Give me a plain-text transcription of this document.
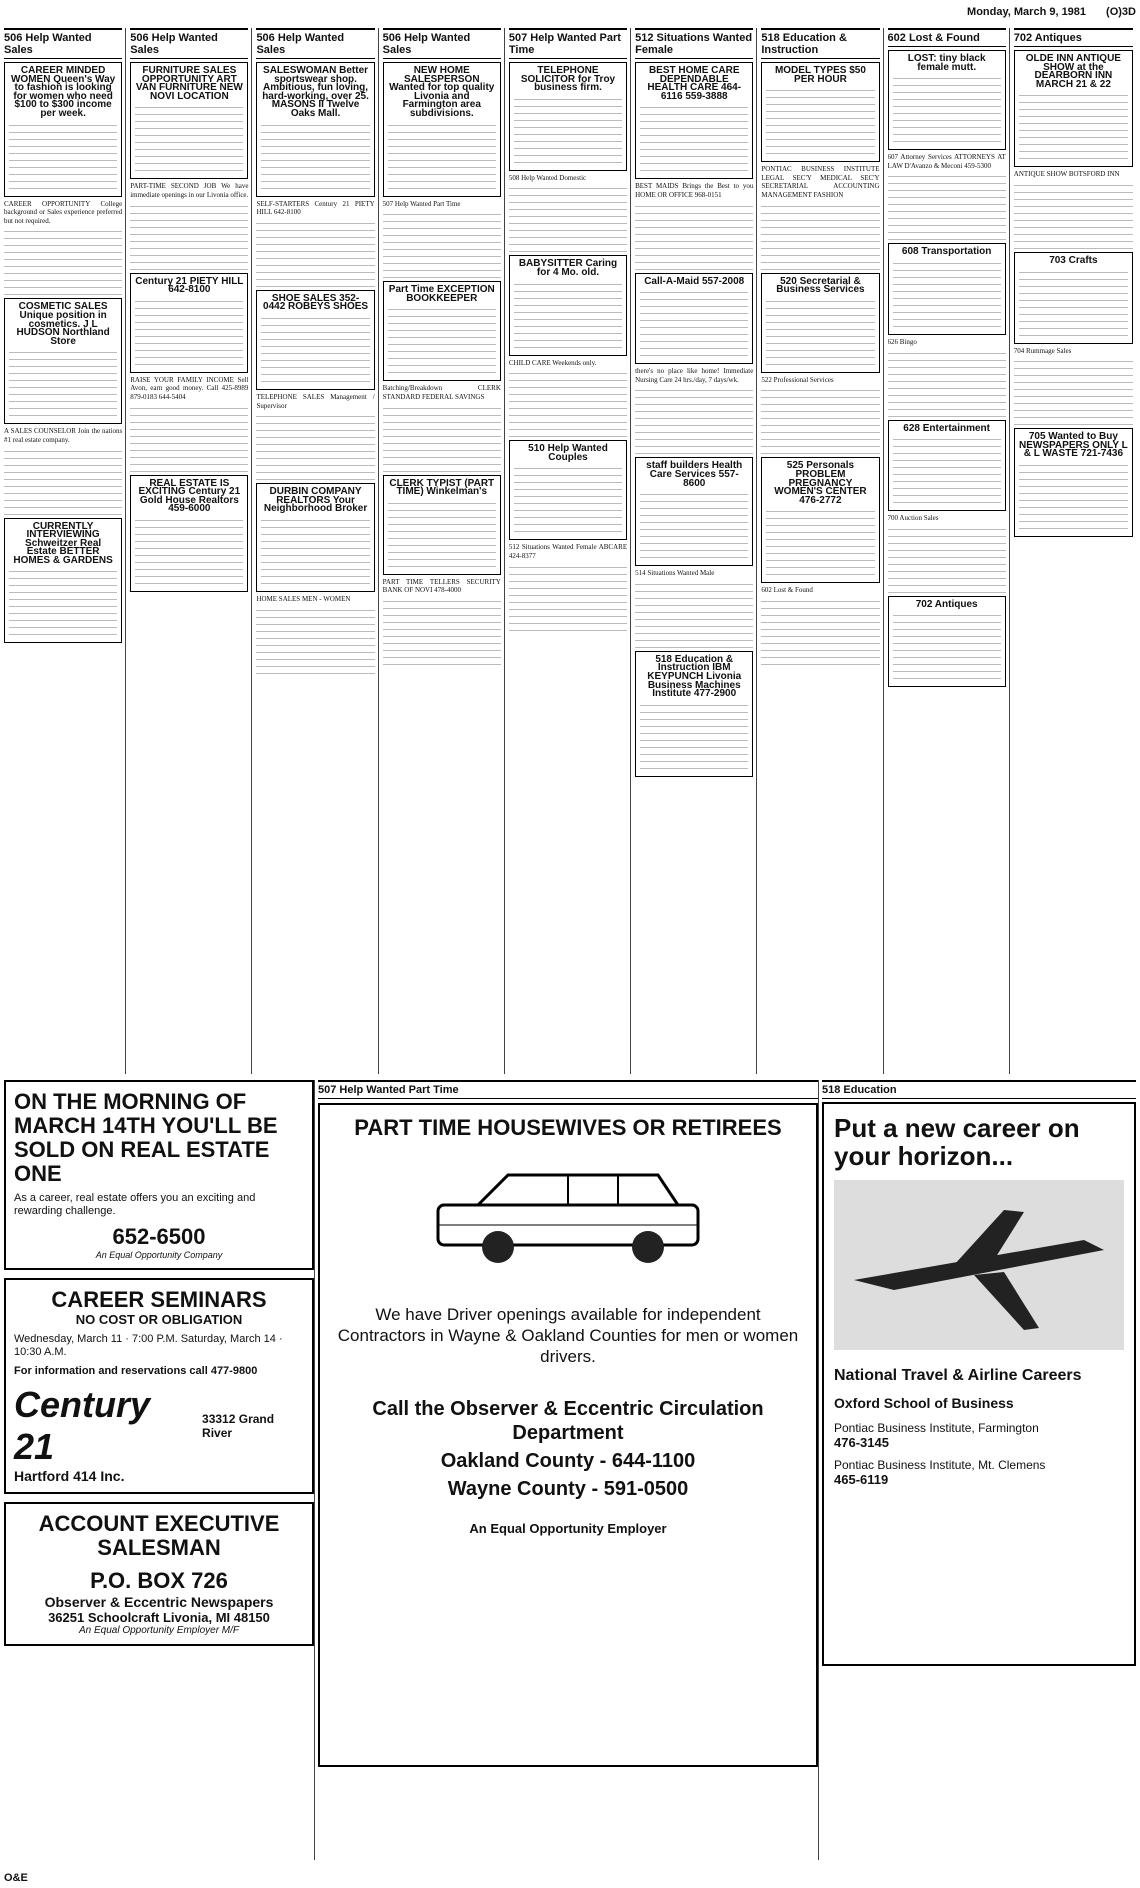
Monday, March 9, 1981 (O)3D
506 Help Wanted Sales
CAREER MINDED WOMEN Queen's Way to fashion is looking for women who need $100 to $300 income per week.

CAREER OPPORTUNITY College background or Sales experience preferred but not required.

COSMETIC SALES Unique position in cosmetics. J L HUDSON Northland Store

A SALES COUNSELOR Join the nations #1 real estate company.

CURRENTLY INTERVIEWING Schweitzer Real Estate BETTER HOMES & GARDENS

506 Help Wanted Sales
FURNITURE SALES OPPORTUNITY ART VAN FURNITURE NEW NOVI LOCATION

PART-TIME SECOND JOB We have immediate openings in our Livonia office.

Century 21 PIETY HILL 642-8100

RAISE YOUR FAMILY INCOME Sell Avon, earn good money. Call 425-8989 879-0183 644-5404

REAL ESTATE IS EXCITING Century 21 Gold House Realtors 459-6000

506 Help Wanted Sales
SALESWOMAN Better sportswear shop. Ambitious, fun loving, hard-working, over 25. MASONS II Twelve Oaks Mall.

SELF-STARTERS Century 21 PIETY HILL 642-8100

SHOE SALES 352-0442 ROBEYS SHOES

TELEPHONE SALES Management / Supervisor

DURBIN COMPANY REALTORS Your Neighborhood Broker

HOME SALES MEN - WOMEN

506 Help Wanted Sales
NEW HOME SALESPERSON Wanted for top quality Livonia and Farmington area subdivisions.

507 Help Wanted Part Time

Part Time EXCEPTION BOOKKEEPER

Batching/Breakdown CLERK STANDARD FEDERAL SAVINGS

CLERK TYPIST (PART TIME) Winkelman's

PART TIME TELLERS SECURITY BANK OF NOVI 478-4000

507 Help Wanted Part Time
TELEPHONE SOLICITOR for Troy business firm.

508 Help Wanted Domestic

BABYSITTER Caring for 4 Mo. old.

CHILD CARE Weekends only.

510 Help Wanted Couples

512 Situations Wanted Female ABCARE 424-8377

512 Situations Wanted Female
BEST HOME CARE DEPENDABLE HEALTH CARE 464-6116 559-3888

BEST MAIDS Brings the Best to you HOME OR OFFICE 968-0151

Call-A-Maid 557-2008

there's no place like home! Immediate Nursing Care 24 hrs./day, 7 days/wk.

staff builders Health Care Services 557-8600

514 Situations Wanted Male

518 Education & Instruction IBM KEYPUNCH Livonia Business Machines Institute 477-2900

518 Education & Instruction
MODEL TYPES $50 PER HOUR

PONTIAC BUSINESS INSTITUTE LEGAL SEC'Y MEDICAL SEC'Y SECRETARIAL ACCOUNTING MANAGEMENT FASHION

520 Secretarial & Business Services

522 Professional Services

525 Personals PROBLEM PREGNANCY WOMEN'S CENTER 476-2772

602 Lost & Found

602 Lost & Found
LOST: tiny black female mutt.

607 Attorney Services ATTORNEYS AT LAW D'Avanzo & Meconi 459-5300

608 Transportation

626 Bingo

628 Entertainment

700 Auction Sales

702 Antiques

702 Antiques
OLDE INN ANTIQUE SHOW at the DEARBORN INN MARCH 21 & 22

ANTIQUE SHOW BOTSFORD INN

703 Crafts

704 Rummage Sales

705 Wanted to Buy NEWSPAPERS ONLY L & L WASTE 721-7436

ON THE MORNING OF MARCH 14TH YOU'LL BE SOLD ON REAL ESTATE ONE
As a career, real estate offers you an exciting and rewarding challenge.
652-6500
An Equal Opportunity Company
CAREER SEMINARS
NO COST OR OBLIGATION
Wednesday, March 11 · 7:00 P.M. Saturday, March 14 · 10:30 A.M.
For information and reservations call 477-9800
Century 21
33312 Grand River
Hartford 414 Inc.
ACCOUNT EXECUTIVE SALESMAN
P.O. BOX 726
Observer & Eccentric Newspapers
36251 Schoolcraft Livonia, MI 48150
An Equal Opportunity Employer M/F
507 Help Wanted Part Time
PART TIME HOUSEWIVES OR RETIREES
We have Driver openings available for independent Contractors in Wayne & Oakland Counties for men or women drivers.
Call the Observer & Eccentric Circulation Department
Oakland County - 644-1100
Wayne County - 591-0500
An Equal Opportunity Employer
518 Education
Put a new career on your horizon...
National Travel & Airline Careers
Oxford School of Business
Pontiac Business Institute, Farmington
476-3145
Pontiac Business Institute, Mt. Clemens
465-6119
O&E
